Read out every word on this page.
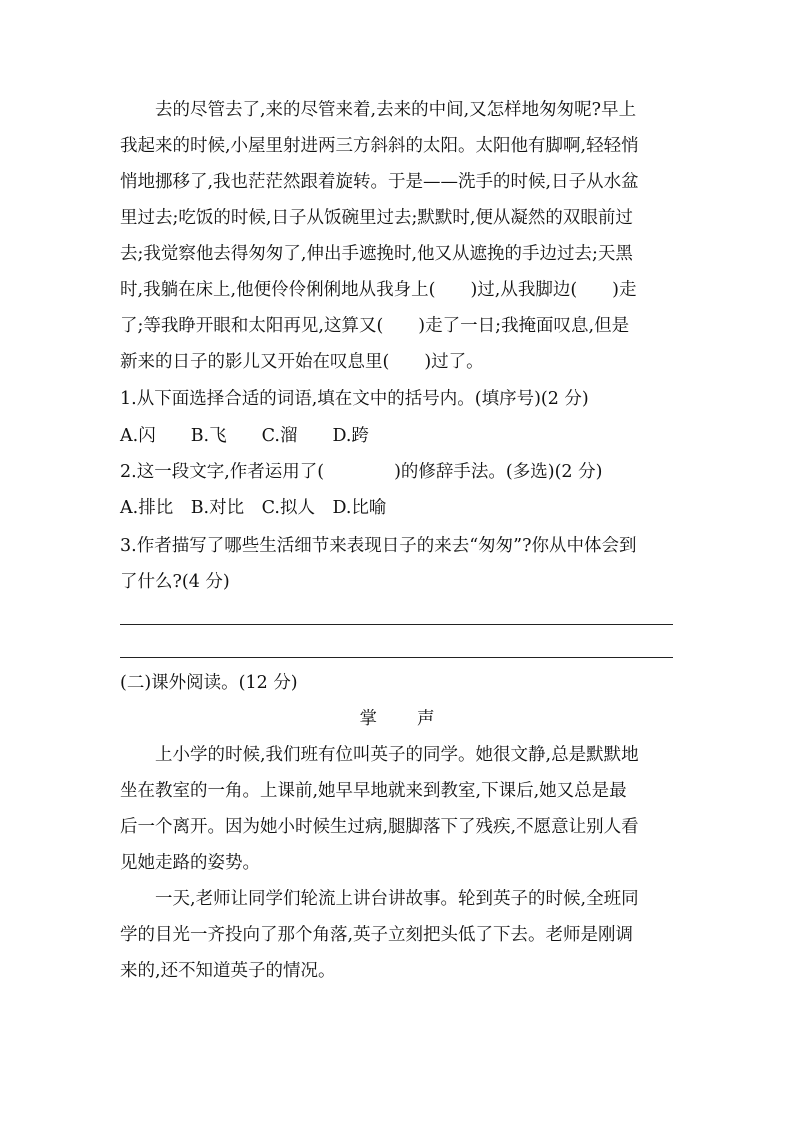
去的尽管去了,来的尽管来着,去来的中间,又怎样地匆匆呢?早上
我起来的时候,小屋里射进两三方斜斜的太阳。太阳他有脚啊,轻轻悄
悄地挪移了,我也茫茫然跟着旋转。于是——洗手的时候,日子从水盆
里过去;吃饭的时候,日子从饭碗里过去;默默时,便从凝然的双眼前过
去;我觉察他去得匆匆了,伸出手遮挽时,他又从遮挽的手边过去;天黑
时,我躺在床上,他便伶伶俐俐地从我身上(　　)过,从我脚边(　　)走
了;等我睁开眼和太阳再见,这算又(　　)走了一日;我掩面叹息,但是
新来的日子的影儿又开始在叹息里(　　)过了。
1.从下面选择合适的词语,填在文中的括号内。(填序号)(2 分)
A.闪　　B.飞　　C.溜　　D.跨
2.这一段文字,作者运用了(　　　　)的修辞手法。(多选)(2 分)
A.排比　B.对比　C.拟人　D.比喻
3.作者描写了哪些生活细节来表现日子的来去“匆匆”?你从中体会到
了什么?(4 分)
(二)课外阅读。(12 分)
掌 声
上小学的时候,我们班有位叫英子的同学。她很文静,总是默默地
坐在教室的一角。上课前,她早早地就来到教室,下课后,她又总是最
后一个离开。因为她小时候生过病,腿脚落下了残疾,不愿意让别人看
见她走路的姿势。
一天,老师让同学们轮流上讲台讲故事。轮到英子的时候,全班同
学的目光一齐投向了那个角落,英子立刻把头低了下去。老师是刚调
来的,还不知道英子的情况。
